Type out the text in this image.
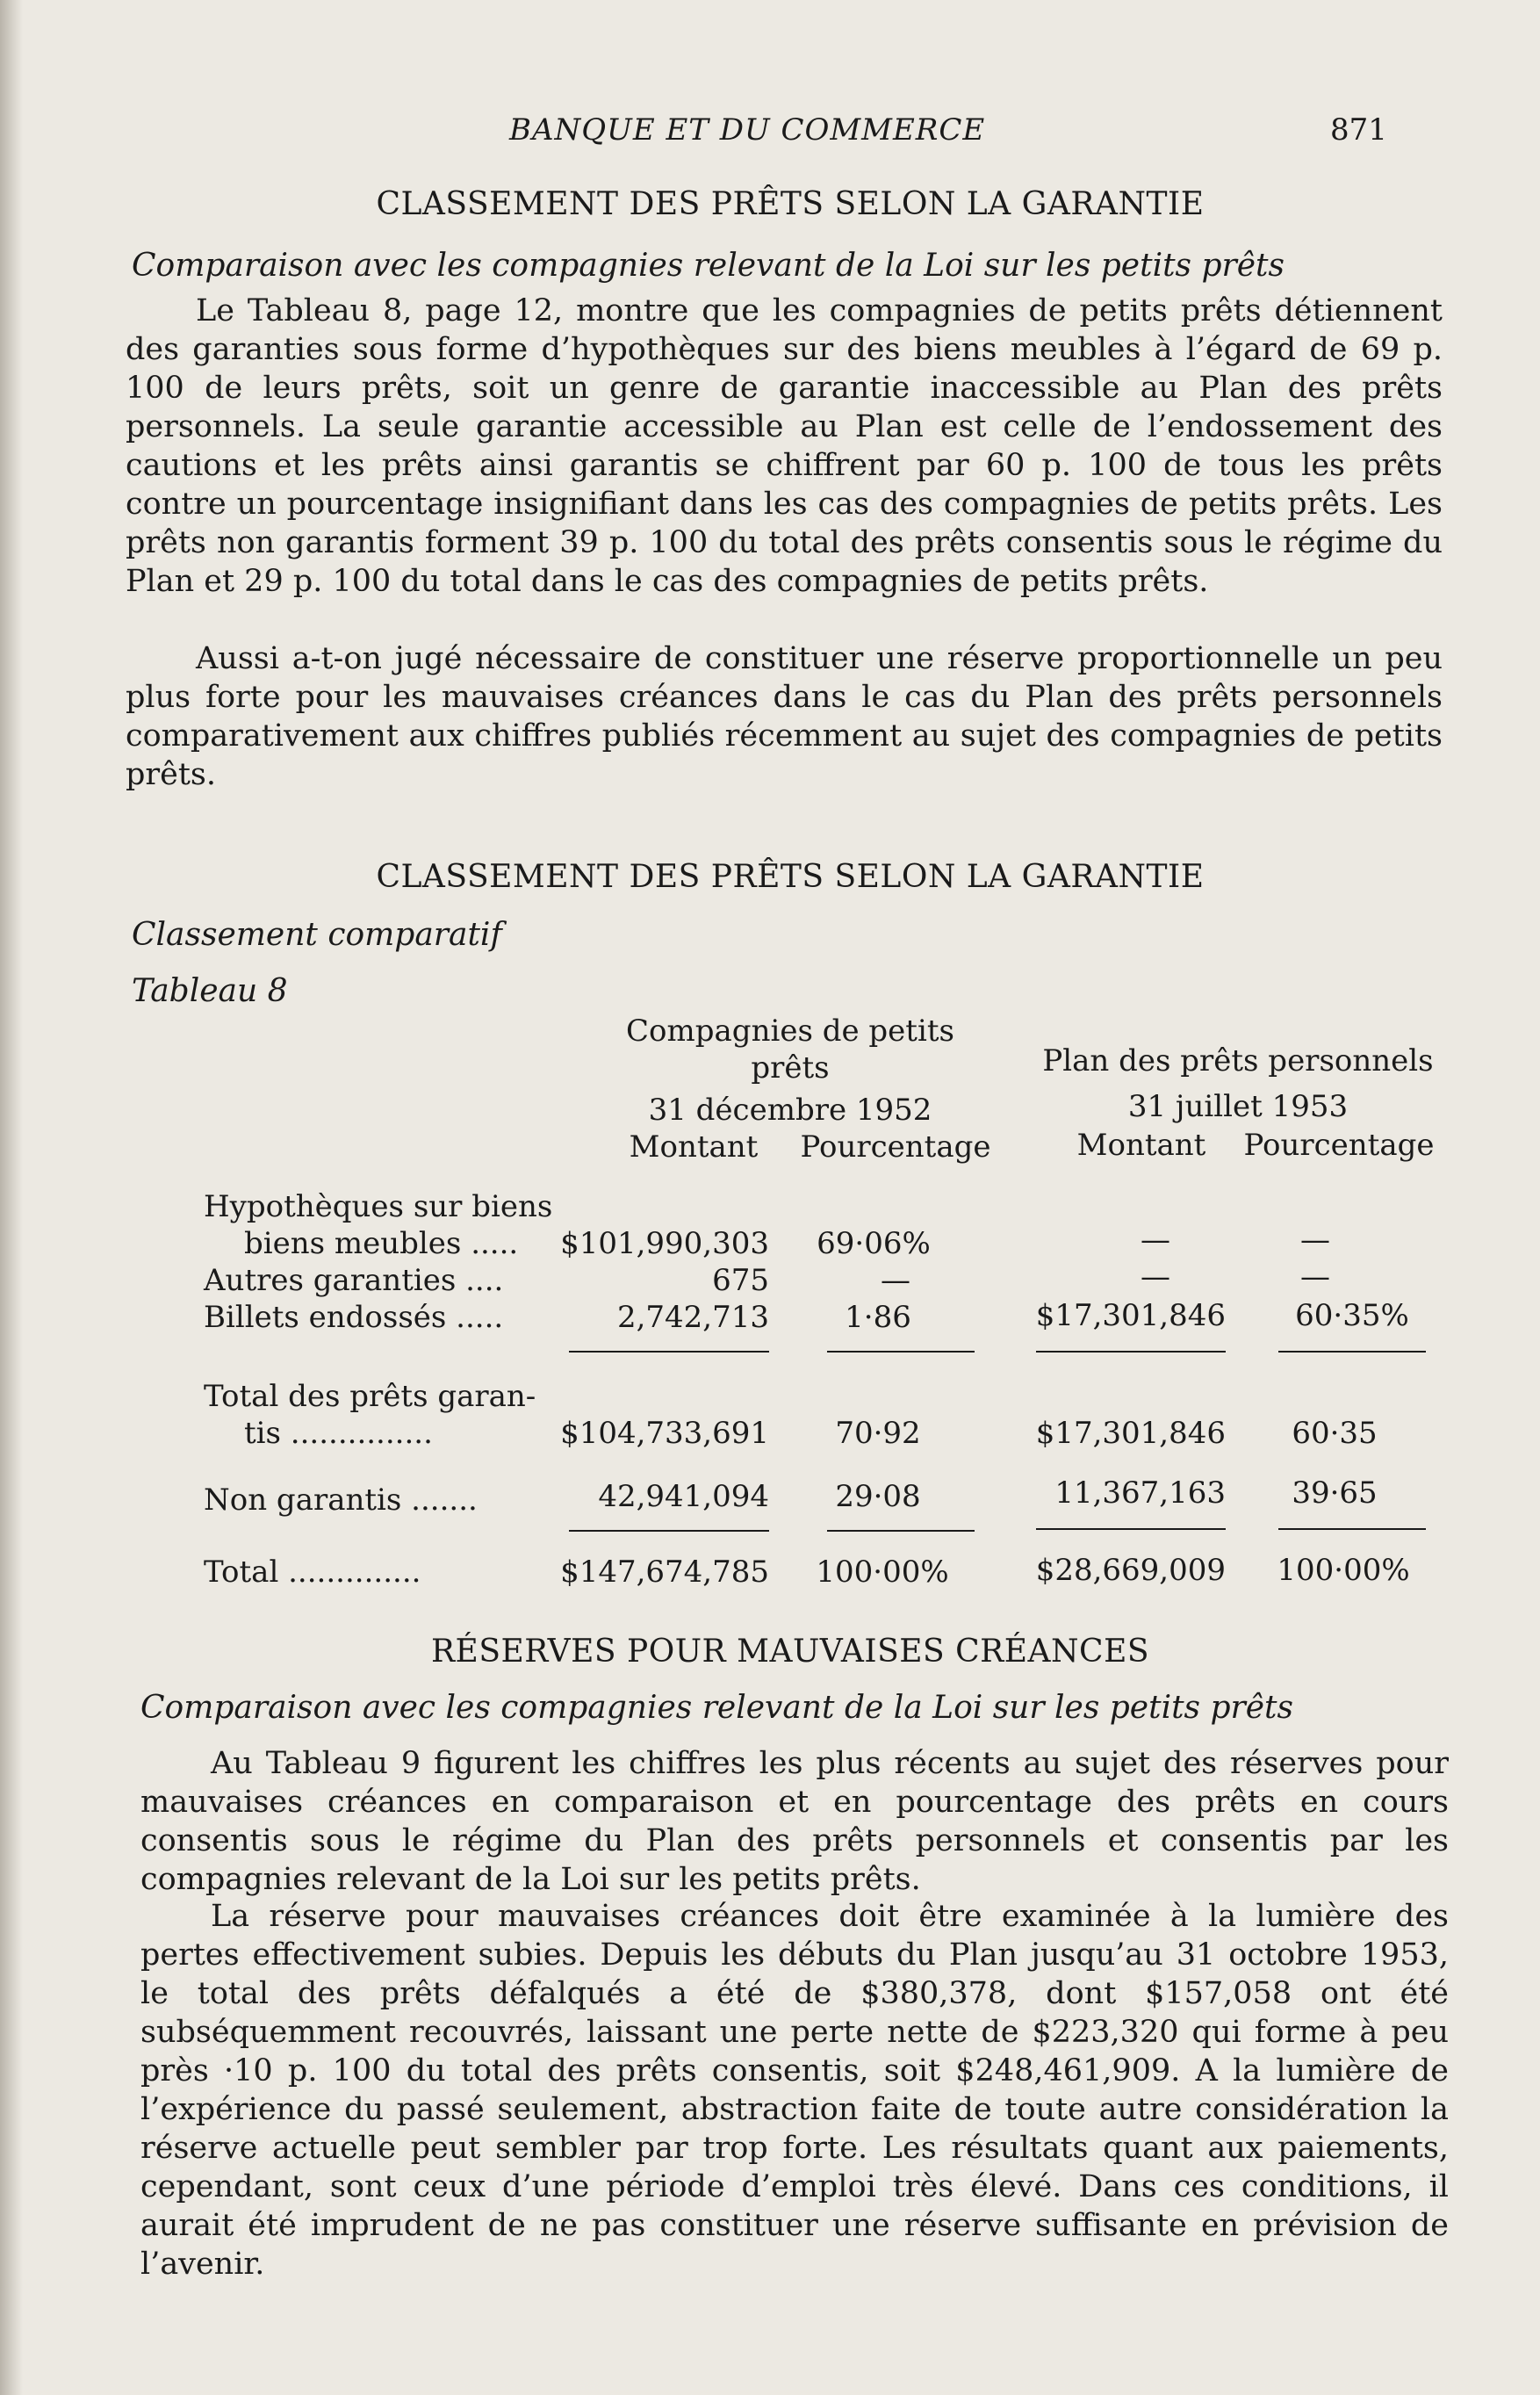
BANQUE ET DU COMMERCE	871
CLASSEMENT DES PRÊTS SELON LA GARANTIE
Comparaison avec les compagnies relevant de la Loi sur les petits prêts

Le Tableau 8, page 12, montre que les compagnies de petits prêts détiennent des garanties sous forme d’hypothèques sur des biens meubles à l’égard de 69 p. 100 de leurs prêts, soit un genre de garantie inaccessible au Plan des prêts personnels. La seule garantie accessible au Plan est celle de l’endossement des cautions et les prêts ainsi garantis se chiffrent par 60 p. 100 de tous les prêts contre un pourcentage insignifiant dans les cas des compagnies de petits prêts. Les prêts non garantis forment 39 p. 100 du total des prêts consentis sous le régime du Plan et 29 p. 100 du total dans le cas des compagnies de petits prêts.

Aussi a-t-on jugé nécessaire de constituer une réserve proportionnelle un peu plus forte pour les mauvaises créances dans le cas du Plan des prêts personnels comparativement aux chiffres publiés récemment au sujet des compagnies de petits prêts.

CLASSEMENT DES PRÊTS SELON LA GARANTIE
Classement comparatif
Tableau 8
Compagnies de petits
prêts	Plan des prêts personnels
31 décembre 1952	31 juillet 1953
Montant	Pourcentage	Montant	Pourcentage
Hypothèques sur biens
biens meubles .....	$101,990,303 69·06%	—	—
Autres garanties ....	675	—	—	—
Billets endossés .....	2,742,713	1·86	$17,301,846	60·35%
Total des prêts garan-
tis ...............	$104,733,691	70·92	$17,301,846	60·35
Non garantis .......	42,941,094	29·08	11,367,163	39·65
Total ..............	$147,674,785 100·00%	$28,669,009	100·00%
RÉSERVES POUR MAUVAISES CRÉANCES
Comparaison avec les compagnies relevant de la Loi sur les petits prêts

Au Tableau 9 figurent les chiffres les plus récents au sujet des réserves pour mauvaises créances en comparaison et en pourcentage des prêts en cours consentis sous le régime du Plan des prêts personnels et consentis par les compagnies relevant de la Loi sur les petits prêts.

La réserve pour mauvaises créances doit être examinée à la lumière des pertes effectivement subies. Depuis les débuts du Plan jusqu’au 31 octobre 1953, le total des prêts défalqués a été de $380,378, dont $157,058 ont été subséquemment recouvrés, laissant une perte nette de $223,320 qui forme à peu près ·10 p. 100 du total des prêts consentis, soit $248,461,909. A la lumière de l’expérience du passé seulement, abstraction faite de toute autre considération la réserve actuelle peut sembler par trop forte. Les résultats quant aux paiements, cependant, sont ceux d’une période d’emploi très élevé. Dans ces conditions, il aurait été imprudent de ne pas constituer une réserve suffisante en prévision de l’avenir.
